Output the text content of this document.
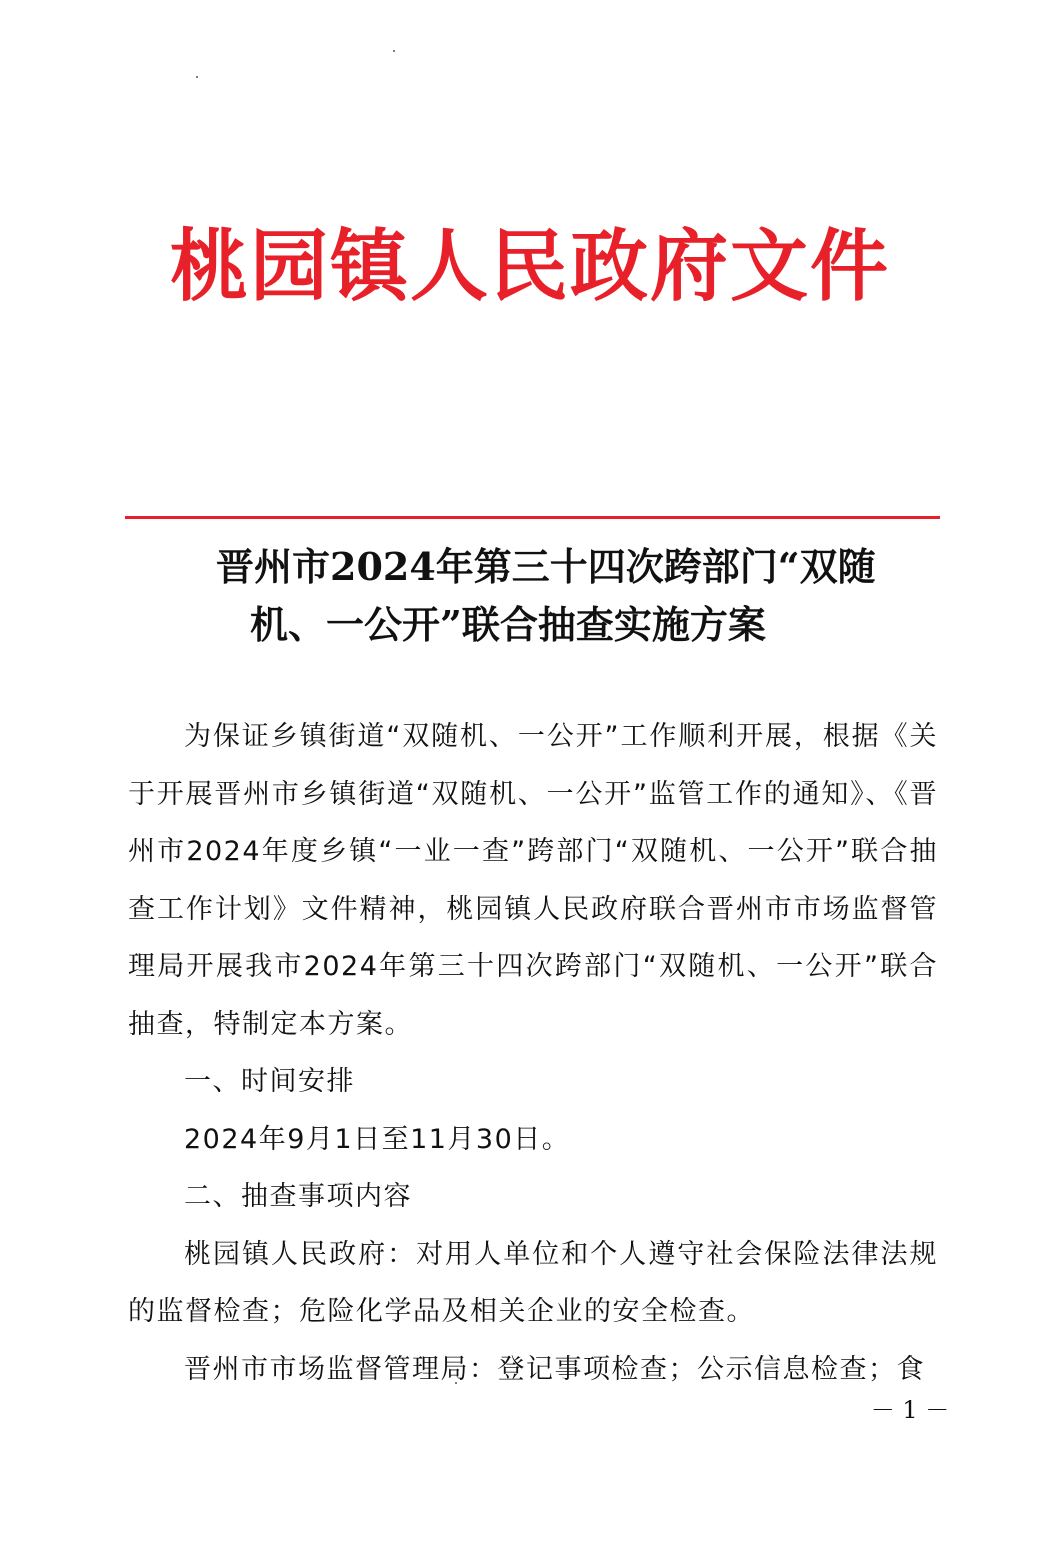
桃园镇人民政府文件
晋州市2024年第三十四次跨部门“双随
机、一公开”联合抽查实施方案

为保证乡镇街道“双随机、一公开”工作顺利开展，根据《关于开展晋州市乡镇街道“双随机、一公开”监管工作的通知》、《晋州市2024年度乡镇“一业一查”跨部门“双随机、一公开”联合抽查工作计划》文件精神，桃园镇人民政府联合晋州市市场监督管理局开展我市2024年第三十四次跨部门“双随机、一公开”联合抽查，特制定本方案。

一、时间安排

2024年9月1日至11月30日。

二、抽查事项内容

桃园镇人民政府：对用人单位和个人遵守社会保险法律法规的监督检查；危险化学品及相关企业的安全检查。

晋州市市场监督管理局：登记事项检查；公示信息检查；食

－ 1 －
